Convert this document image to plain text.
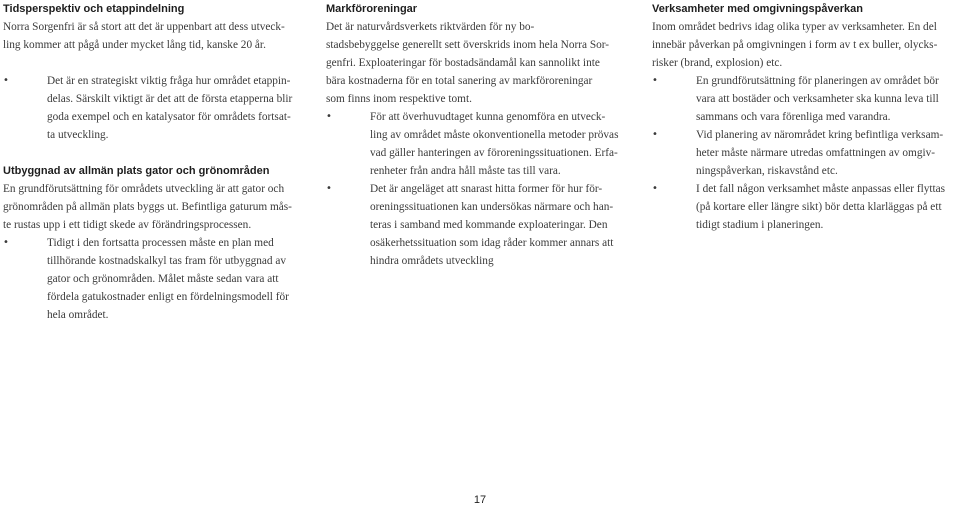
Tidsperspektiv och etappindelning
Norra Sorgenfri är så stort att det är uppenbart att dess utveck-
ling kommer att pågå under mycket lång tid, kanske 20 år.
•	Det är en strategiskt viktig fråga hur området etappin-
delas. Särskilt viktigt är det att de första etapperna blir
goda exempel och en katalysator för områdets fortsat-
ta utveckling.
Utbyggnad av allmän plats gator och grönområden
En grundförutsättning för områdets utveckling är att gator och
grönområden på allmän plats byggs ut. Befintliga gaturum mås-
te rustas upp i ett tidigt skede av förändringsprocessen.
•	Tidigt i den fortsatta processen måste en plan med
tillhörande kostnadskalkyl tas fram för utbyggnad av
gator och grönområden. Målet måste sedan vara att
fördela gatukostnader enligt en fördelningsmodell för
hela området.
Markföroreningar
Det är naturvårdsverkets riktvärden för ny bo-
stadsbebyggelse generellt sett överskrids inom hela Norra Sor-
genfri. Exploateringar för bostadsändamål kan sannolikt inte
bära kostnaderna för en total sanering av markföroreningar
som finns inom respektive tomt.
•	För att överhuvudtaget kunna genomföra en utveck-
ling av området måste okonventionella metoder prövas
vad gäller hanteringen av föroreningssituationen. Erfa-
renheter från andra håll måste tas till vara.
•	Det är angeläget att snarast hitta former för hur för-
oreningssituationen kan undersökas närmare och han-
teras i samband med kommande exploateringar. Den
osäkerhetssituation som idag råder kommer annars att
hindra områdets utveckling
Verksamheter med omgivningspåverkan
Inom området bedrivs idag olika typer av verksamheter. En del
innebär påverkan på omgivningen i form av t ex buller, olycks-
risker (brand, explosion) etc.
•	En grundförutsättning för planeringen av området bör
vara att bostäder och verksamheter ska kunna leva till
sammans och vara förenliga med varandra.
•	Vid planering av närområdet kring befintliga verksam-
heter måste närmare utredas omfattningen av omgiv-
ningspåverkan, riskavstånd etc.
•	I det fall någon verksamhet måste anpassas eller flyttas
(på kortare eller längre sikt) bör detta klarläggas på ett
tidigt stadium i planeringen.
17
